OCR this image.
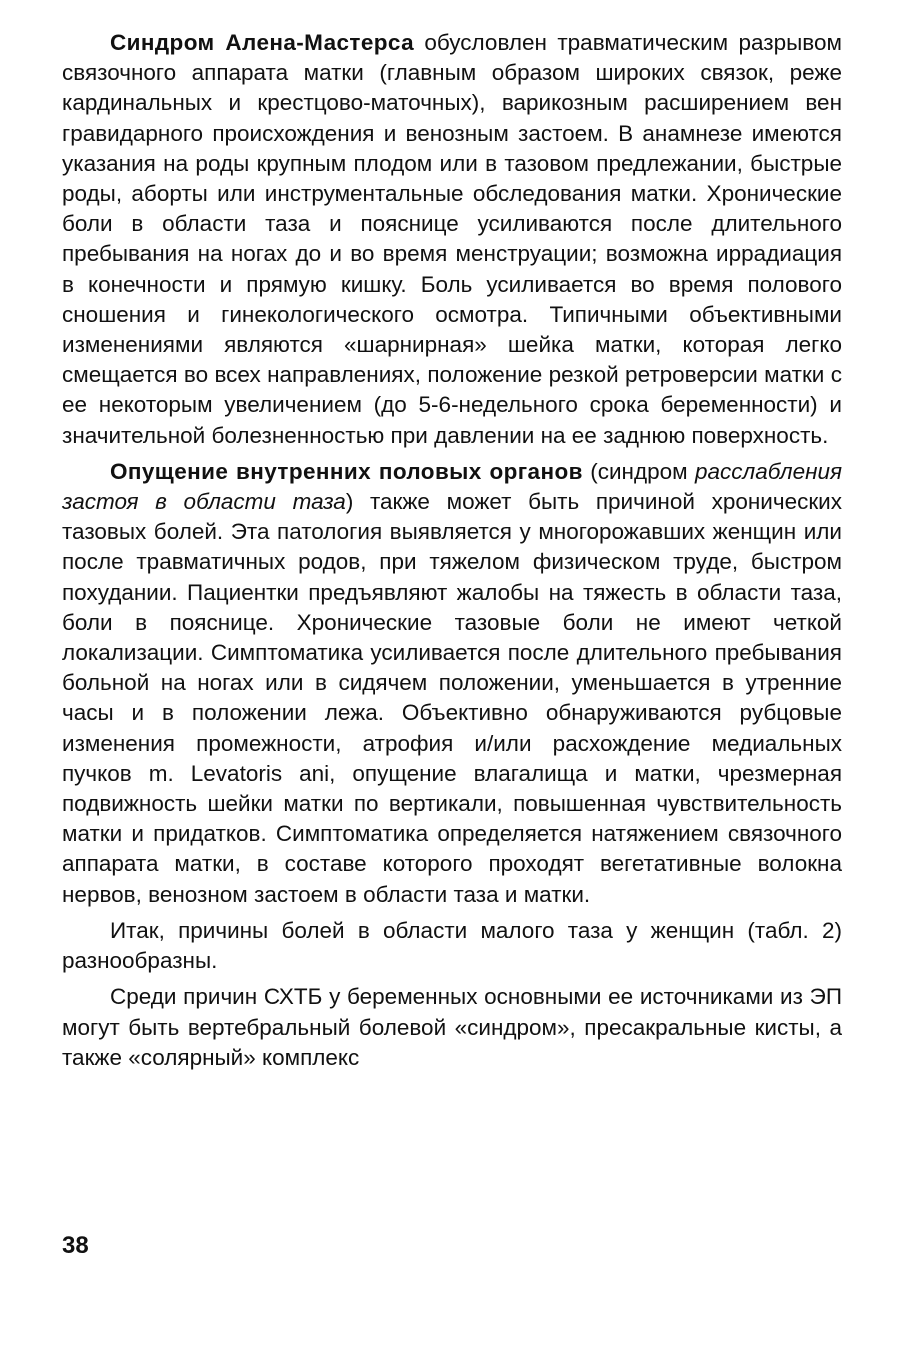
Синдром Алена-Мастерса обусловлен травматическим разрывом связочного аппарата матки (главным образом широких связок, реже кардинальных и крестцово-маточных), варикозным расширением вен гравидарного происхождения и венозным застоем. В анамнезе имеются указания на роды крупным плодом или в тазовом предлежании, быстрые роды, аборты или инструментальные обследования матки. Хронические боли в области таза и пояснице усиливаются после длительного пребывания на ногах до и во время менструации; возможна иррадиация в конечности и прямую кишку. Боль усиливается во время полового сношения и гинекологического осмотра. Типичными объективными изменениями являются «шарнирная» шейка матки, которая легко смещается во всех направлениях, положение резкой ретроверсии матки с ее некоторым увеличением (до 5-6-недельного срока беременности) и значительной болезненностью при давлении на ее заднюю поверхность.

Опущение внутренних половых органов (синдром расслабления застоя в области таза) также может быть причиной хронических тазовых болей. Эта патология выявляется у многорожавших женщин или после травматичных родов, при тяжелом физическом труде, быстром похудании. Пациентки предъявляют жалобы на тяжесть в области таза, боли в пояснице. Хронические тазовые боли не имеют четкой локализации. Симптоматика усиливается после длительного пребывания больной на ногах или в сидячем положении, уменьшается в утренние часы и в положении лежа. Объективно обнаруживаются рубцовые изменения промежности, атрофия и/или расхождение медиальных пучков m. Levatoris ani, опущение влагалища и матки, чрезмерная подвижность шейки матки по вертикали, повышенная чувствительность матки и придатков. Симптоматика определяется натяжением связочного аппарата матки, в составе которого проходят вегетативные волокна нервов, венозном застоем в области таза и матки.

Итак, причины болей в области малого таза у женщин (табл. 2) разнообразны.

Среди причин СХТБ у беременных основными ее источниками из ЭП могут быть вертебральный болевой «синдром», пресакральные кисты, а также «солярный» комплекс

38
